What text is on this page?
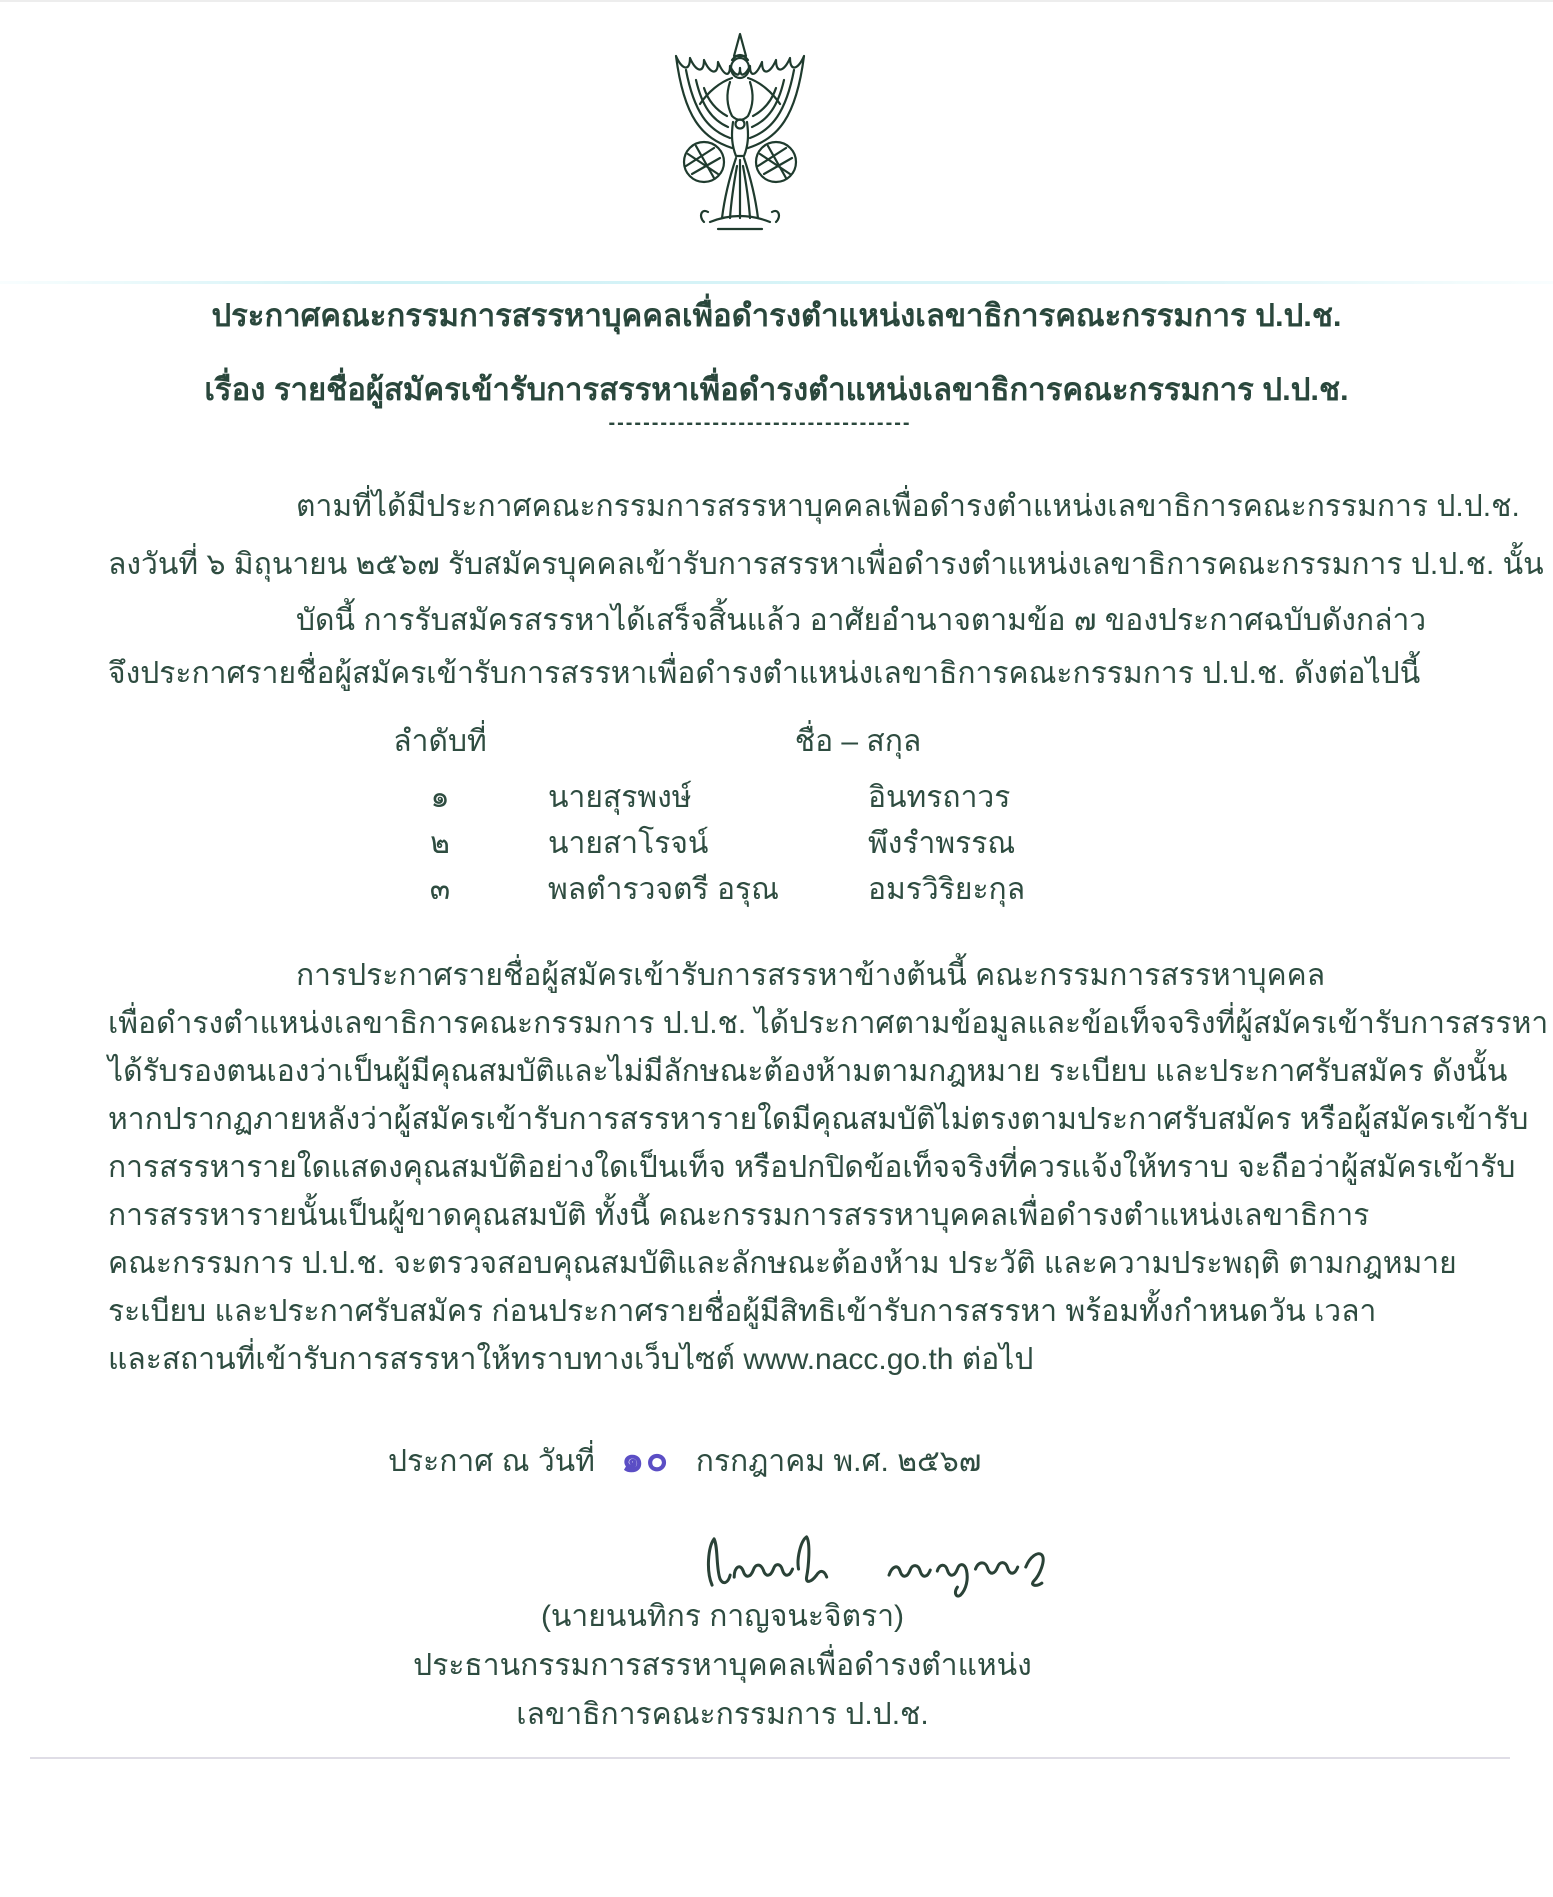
ประกาศคณะกรรมการสรรหาบุคคลเพื่อดำรงตำแหน่งเลขาธิการคณะกรรมการ ป.ป.ช.
เรื่อง รายชื่อผู้สมัครเข้ารับการสรรหาเพื่อดำรงตำแหน่งเลขาธิการคณะกรรมการ ป.ป.ช.
-----------------------------------
ตามที่ได้มีประกาศคณะกรรมการสรรหาบุคคลเพื่อดำรงตำแหน่งเลขาธิการคณะกรรมการ ป.ป.ช.
ลงวันที่ ๖ มิถุนายน ๒๕๖๗ รับสมัครบุคคลเข้ารับการสรรหาเพื่อดำรงตำแหน่งเลขาธิการคณะกรรมการ ป.ป.ช. นั้น
บัดนี้ การรับสมัครสรรหาได้เสร็จสิ้นแล้ว อาศัยอำนาจตามข้อ ๗ ของประกาศฉบับดังกล่าว
จึงประกาศรายชื่อผู้สมัครเข้ารับการสรรหาเพื่อดำรงตำแหน่งเลขาธิการคณะกรรมการ ป.ป.ช. ดังต่อไปนี้
ลำดับที่	ชื่อ – สกุล
๑	นายสุรพงษ์	อินทรถาวร
๒	นายสาโรจน์	พึงรำพรรณ
๓	พลตำรวจตรี อรุณ	อมรวิริยะกุล
การประกาศรายชื่อผู้สมัครเข้ารับการสรรหาข้างต้นนี้ คณะกรรมการสรรหาบุคคล
เพื่อดำรงตำแหน่งเลขาธิการคณะกรรมการ ป.ป.ช. ได้ประกาศตามข้อมูลและข้อเท็จจริงที่ผู้สมัครเข้ารับการสรรหา
ได้รับรองตนเองว่าเป็นผู้มีคุณสมบัติและไม่มีลักษณะต้องห้ามตามกฎหมาย ระเบียบ และประกาศรับสมัคร ดังนั้น
หากปรากฏภายหลังว่าผู้สมัครเข้ารับการสรรหารายใดมีคุณสมบัติไม่ตรงตามประกาศรับสมัคร หรือผู้สมัครเข้ารับ
การสรรหารายใดแสดงคุณสมบัติอย่างใดเป็นเท็จ หรือปกปิดข้อเท็จจริงที่ควรแจ้งให้ทราบ จะถือว่าผู้สมัครเข้ารับ
การสรรหารายนั้นเป็นผู้ขาดคุณสมบัติ ทั้งนี้ คณะกรรมการสรรหาบุคคลเพื่อดำรงตำแหน่งเลขาธิการ
คณะกรรมการ ป.ป.ช. จะตรวจสอบคุณสมบัติและลักษณะต้องห้าม ประวัติ และความประพฤติ ตามกฎหมาย
ระเบียบ และประกาศรับสมัคร ก่อนประกาศรายชื่อผู้มีสิทธิเข้ารับการสรรหา พร้อมทั้งกำหนดวัน เวลา
และสถานที่เข้ารับการสรรหาให้ทราบทางเว็บไซต์ www.nacc.go.th ต่อไป
ประกาศ ณ วันที่ ๑๐ กรกฎาคม พ.ศ. ๒๕๖๗
(นายนนทิกร กาญจนะจิตรา)
ประธานกรรมการสรรหาบุคคลเพื่อดำรงตำแหน่ง
เลขาธิการคณะกรรมการ ป.ป.ช.
